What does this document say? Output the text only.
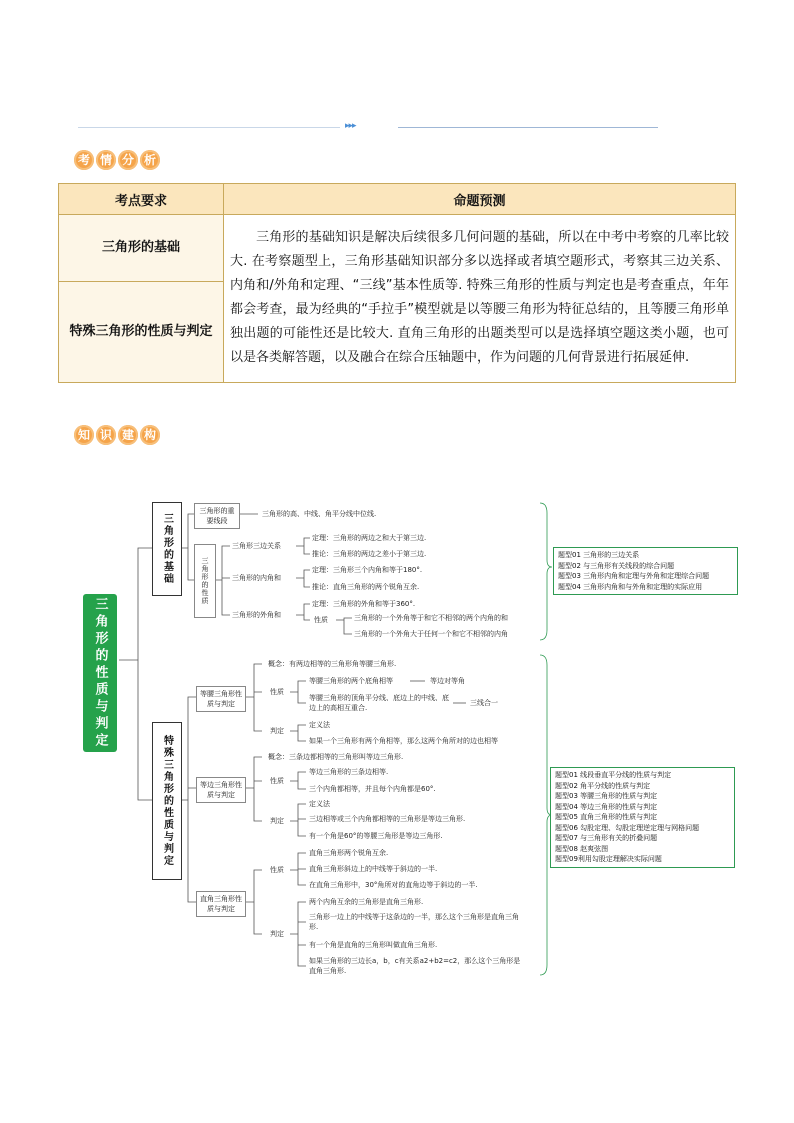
▸▸▸
考 情 分 析
考点要求	命题预测
三角形的基础	三角形的基础知识是解决后续很多几何问题的基础，所以在中考中考察的几率比较大. 在考察题型上，三角形基础知识部分多以选择或者填空题形式，考察其三边关系、内角和/外角和定理、“三线”基本性质等. 特殊三角形的性质与判定也是考查重点，年年都会考查，最为经典的“手拉手”模型就是以等腰三角形为特征总结的，且等腰三角形单独出题的可能性还是比较大. 直角三角形的出题类型可以是选择填空题这类小题，也可以是各类解答题，以及融合在综合压轴题中，作为问题的几何背景进行拓展延伸.
特殊三角形的性质与判定	
知 识 建 构
三角形的性质与判定
三角形的基础
三角形的重要线段
三角形的高、中线、角平分线中位线.
三角形的性质
三角形三边关系
定理：三角形的两边之和大于第三边.
推论：三角形的两边之差小于第三边.
三角形的内角和
定理：三角形三个内角和等于180°.
推论：直角三角形的两个锐角互余.
三角形的外角和
定理：三角形的外角和等于360°.
性质	三角形的一个外角等于和它不相邻的两个内角的和
三角形的一个外角大于任何一个和它不相邻的内角
题型01 三角形的三边关系
题型02 与三角形有关线段的综合问题
题型03 三角形内角和定理与外角和定理综合问题
题型04 三角形内角和与外角和定理的实际应用
特殊三角形的性质与判定
等腰三角形性质与判定
概念：有两边相等的三角形角等腰三角形.
性质
等腰三角形的两个底角相等	等边对等角
等腰三角形的顶角平分线、底边上的中线、底边上的高相互重合.
三线合一
判定
定义法
如果一个三角形有两个角相等，那么这两个角所对的边也相等
等边三角形性质与判定
概念：三条边都相等的三角形叫等边三角形.
性质
等边三角形的三条边相等.
三个内角都相等，并且每个内角都是60°.
判定
定义法
三边相等或三个内角都相等的三角形是等边三角形.
有一个角是60°的等腰三角形是等边三角形.
直角三角形性质与判定
性质
直角三角形两个锐角互余.
直角三角形斜边上的中线等于斜边的一半.
在直角三角形中，30°角所对的直角边等于斜边的一半.
判定
两个内角互余的三角形是直角三角形.
三角形一边上的中线等于这条边的一半，那么这个三角形是直角三角形.
有一个角是直角的三角形叫做直角三角形.
如果三角形的三边长a，b，c有关系a2+b2=c2，那么这个三角形是直角三角形.
题型01 线段垂直平分线的性质与判定
题型02 角平分线的性质与判定
题型03 等腰三角形的性质与判定
题型04 等边三角形的性质与判定
题型05 直角三角形的性质与判定
题型06 勾股定理、勾股定理逆定理与网格问题
题型07 与三角形有关的折叠问题
题型08 赵爽弦图
题型09利用勾股定理解决实际问题
